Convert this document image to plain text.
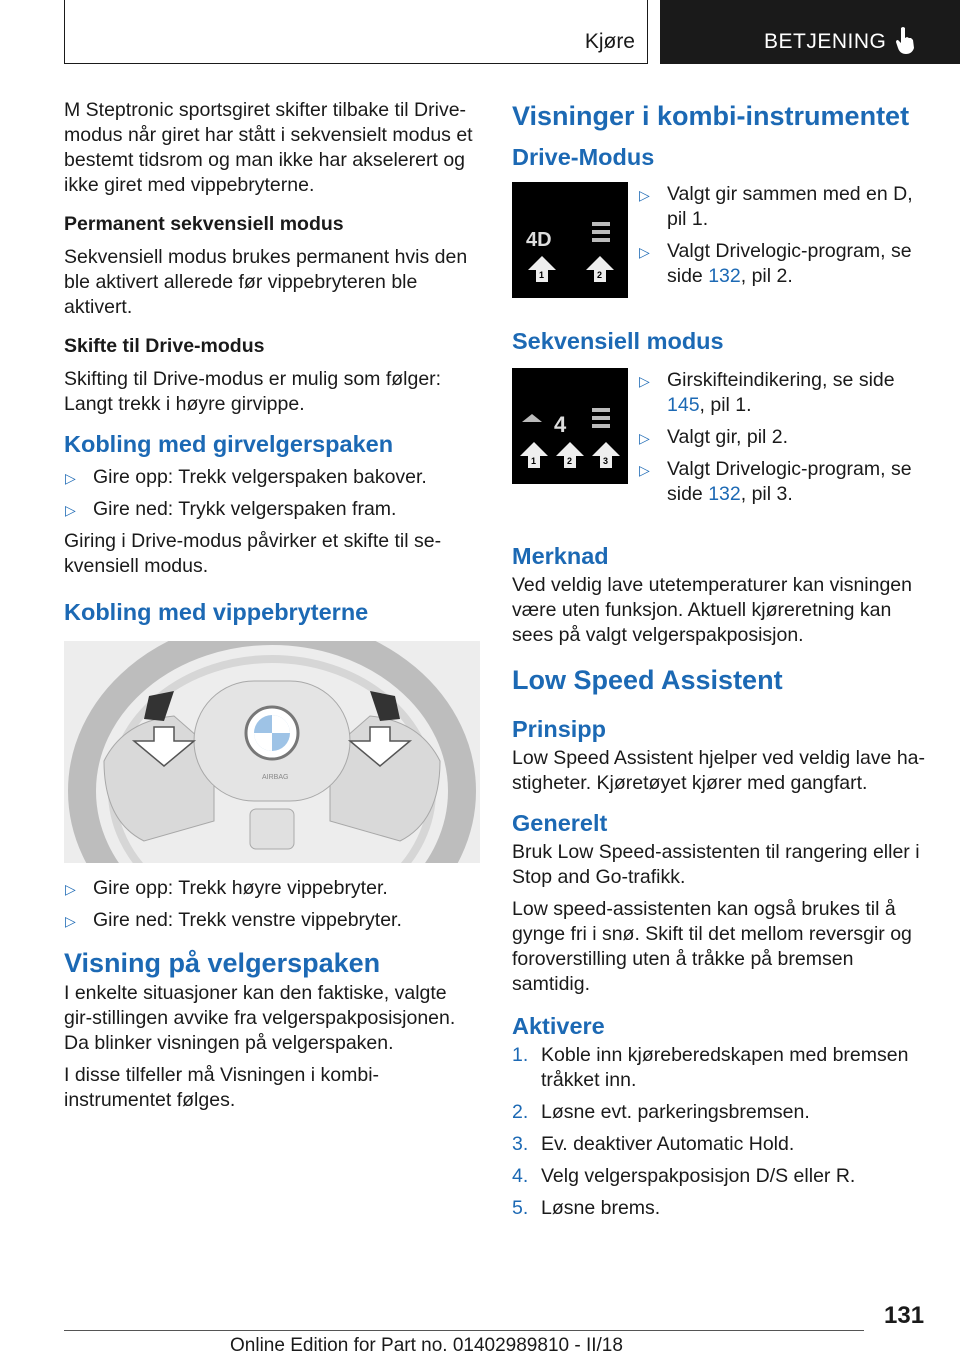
Kjøre	BETJENING

M Steptronic sportsgiret skifter tilbake til Drive-modus når giret har stått i sekvensielt modus et bestemt tidsrom og man ikke har akselerert og ikke giret med vippebryterne.

Permanent sekvensiell modus

Sekvensiell modus brukes permanent hvis den ble aktivert allerede før vippebryteren ble aktivert.

Skifte til Drive-modus

Skifting til Drive-modus er mulig som følger: Langt trekk i høyre girvippe.

Kobling med girvelgerspaken

▷ Gire opp: Trekk velgerspaken bakover.
▷ Gire ned: Trykk velgerspaken fram.

Giring i Drive-modus påvirker et skifte til se-kvensiell modus.

Kobling med vippebryterne

AIRBAG
▷ Gire opp: Trekk høyre vippebryter.
▷ Gire ned: Trekk venstre vippebryter.

Visning på velgerspaken

I enkelte situasjoner kan den faktiske, valgte gir-stillingen avvike fra velgerspakposisjonen. Da blinker visningen på velgerspaken.

I disse tilfeller må Visningen i kombi-instrumentet følges.

Visninger i kombi-instrumentet

Drive-Modus

4D
1	2
▷ Valgt gir sammen med en D, pil 1.
▷ Valgt Drivelogic-program, se side 132, pil 2.

Sekvensiell modus

4
1	2	3
▷ Girskifteindikering, se side 145, pil 1.
▷ Valgt gir, pil 2.
▷ Valgt Drivelogic-program, se side 132, pil 3.

Merknad

Ved veldig lave utetemperaturer kan visningen være uten funksjon. Aktuell kjøreretning kan sees på valgt velgerspakposisjon.

Low Speed Assistent

Prinsipp

Low Speed Assistent hjelper ved veldig lave ha-stigheter. Kjøretøyet kjører med gangfart.

Generelt

Bruk Low Speed-assistenten til rangering eller i Stop and Go-trafikk.

Low speed-assistenten kan også brukes til å gynge fri i snø. Skift til det mellom reversgir og foroverstilling uten å tråkke på bremsen samtidig.

Aktivere

1. Koble inn kjøreberedskapen med bremsen tråkket inn.
2. Løsne evt. parkeringsbremsen.
3. Ev. deaktiver Automatic Hold.
4. Velg velgerspakposisjon D/S eller R.
5. Løsne brems.
131
Online Edition for Part no. 01402989810 - II/18
